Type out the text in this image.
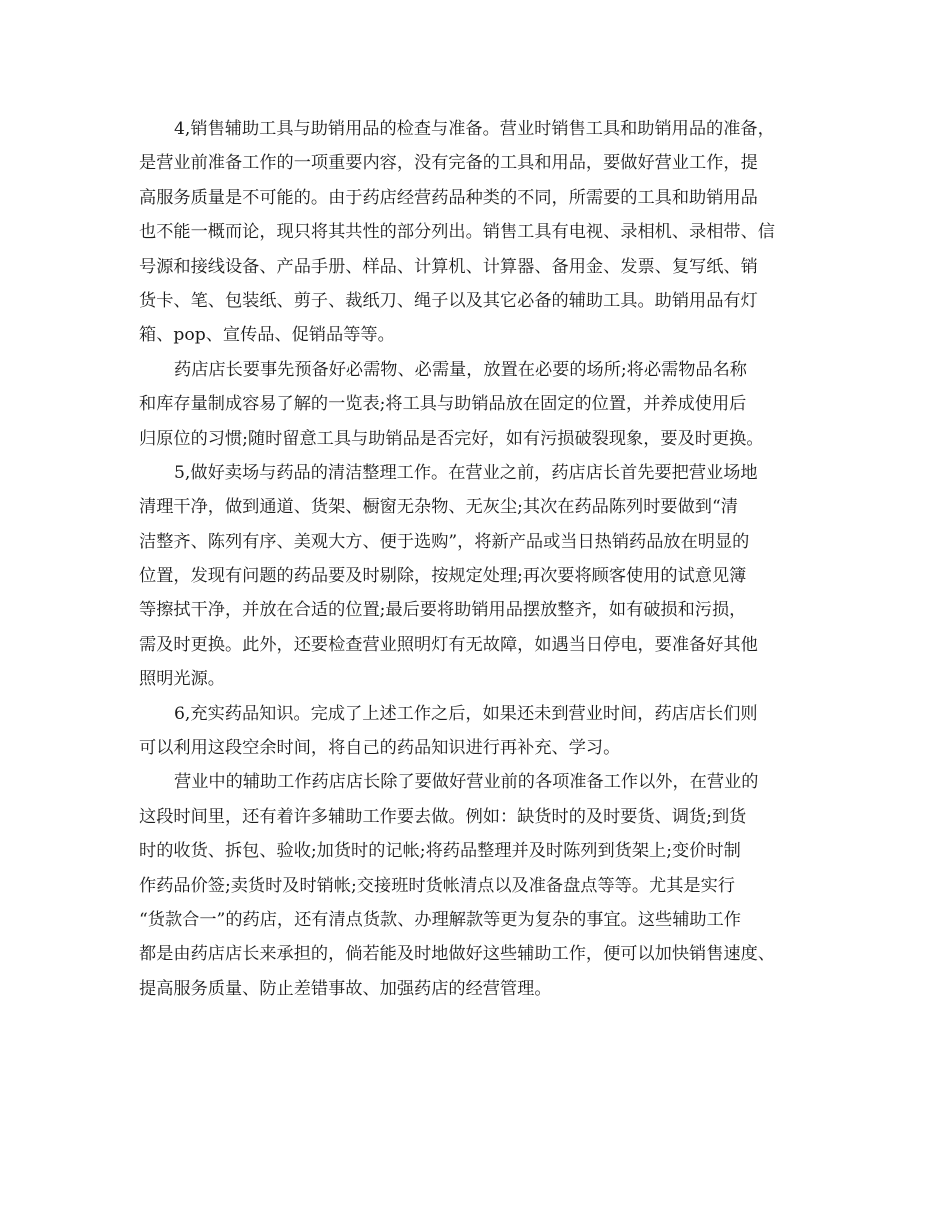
4,销售辅助工具与助销用品的检查与准备。营业时销售工具和助销用品的准备，
是营业前准备工作的一项重要内容，没有完备的工具和用品，要做好营业工作，提
高服务质量是不可能的。由于药店经营药品种类的不同，所需要的工具和助销用品
也不能一概而论，现只将其共性的部分列出。销售工具有电视、录相机、录相带、信
号源和接线设备、产品手册、样品、计算机、计算器、备用金、发票、复写纸、销
货卡、笔、包装纸、剪子、裁纸刀、绳子以及其它必备的辅助工具。助销用品有灯
箱、pop、宣传品、促销品等等。
药店店长要事先预备好必需物、必需量，放置在必要的场所;将必需物品名称
和库存量制成容易了解的一览表;将工具与助销品放在固定的位置，并养成使用后
归原位的习惯;随时留意工具与助销品是否完好，如有污损破裂现象，要及时更换。
5,做好卖场与药品的清洁整理工作。在营业之前，药店店长首先要把营业场地
清理干净，做到通道、货架、橱窗无杂物、无灰尘;其次在药品陈列时要做到“清
洁整齐、陈列有序、美观大方、便于选购”，将新产品或当日热销药品放在明显的
位置，发现有问题的药品要及时剔除，按规定处理;再次要将顾客使用的试意见簿
等擦拭干净，并放在合适的位置;最后要将助销用品摆放整齐，如有破损和污损，
需及时更换。此外，还要检查营业照明灯有无故障，如遇当日停电，要准备好其他
照明光源。
6,充实药品知识。完成了上述工作之后，如果还未到营业时间，药店店长们则
可以利用这段空余时间，将自己的药品知识进行再补充、学习。
营业中的辅助工作药店店长除了要做好营业前的各项准备工作以外，在营业的
这段时间里，还有着许多辅助工作要去做。例如：缺货时的及时要货、调货;到货
时的收货、拆包、验收;加货时的记帐;将药品整理并及时陈列到货架上;变价时制
作药品价签;卖货时及时销帐;交接班时货帐清点以及准备盘点等等。尤其是实行
“货款合一”的药店，还有清点货款、办理解款等更为复杂的事宜。这些辅助工作
都是由药店店长来承担的，倘若能及时地做好这些辅助工作，便可以加快销售速度、
提高服务质量、防止差错事故、加强药店的经营管理。
